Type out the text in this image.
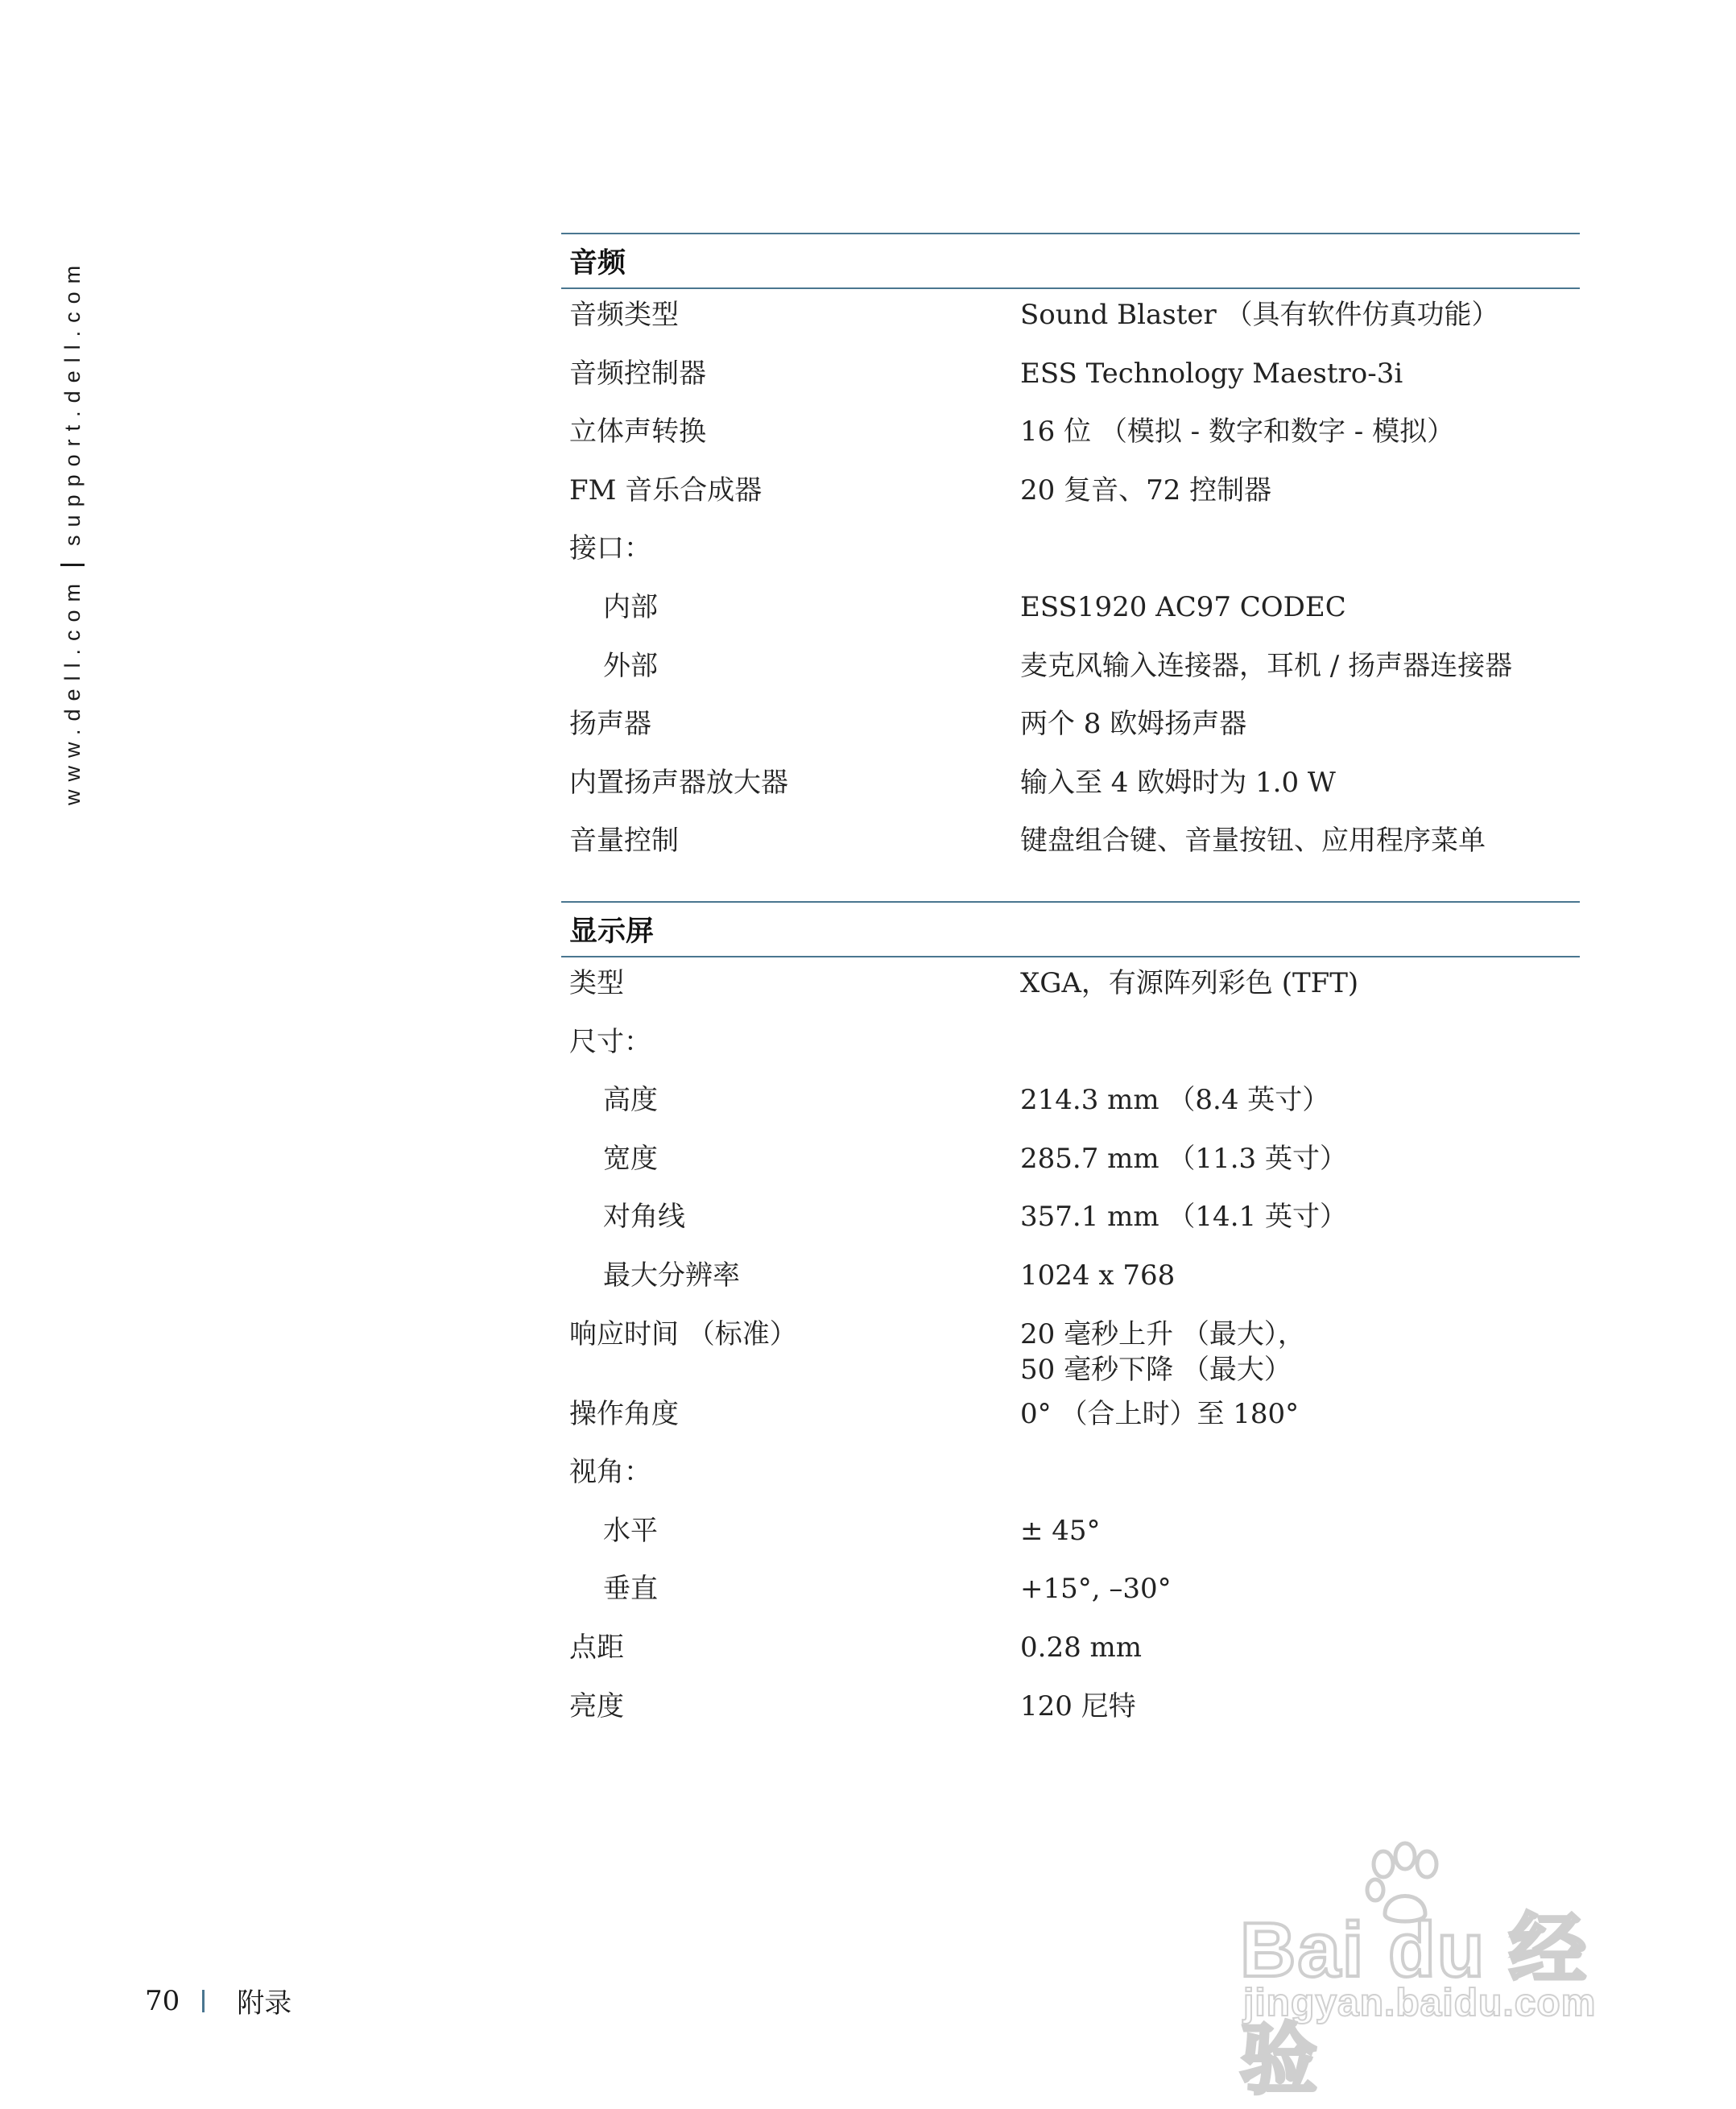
www.dell.com
support.dell.com	音频
音频类型	Sound Blaster （具有软件仿真功能）
音频控制器	ESS Technology Maestro-3i
立体声转换	16 位 （模拟 - 数字和数字 - 模拟）
FM 音乐合成器	20 复音、72 控制器
接口：
内部	ESS1920 AC97 CODEC
外部	麦克风输入连接器，耳机 / 扬声器连接器
扬声器	两个 8 欧姆扬声器
内置扬声器放大器	输入至 4 欧姆时为 1.0 W
音量控制	键盘组合键、音量按钮、应用程序菜单
显示屏
类型	XGA，有源阵列彩色 (TFT)
尺寸：
高度	214.3 mm （8.4 英寸）
宽度	285.7 mm （11.3 英寸）
对角线	357.1 mm （14.1 英寸）
最大分辨率	1024 x 768
响应时间 （标准）	20 毫秒上升 （最大），
50 毫秒下降 （最大）
操作角度	0° （合上时）至 180°
视角：
水平	± 45°
垂直	+15°, –30°
点距	0.28 mm
亮度	120 尼特
70 附录
Bai du 经验
jingyan.baidu.com
